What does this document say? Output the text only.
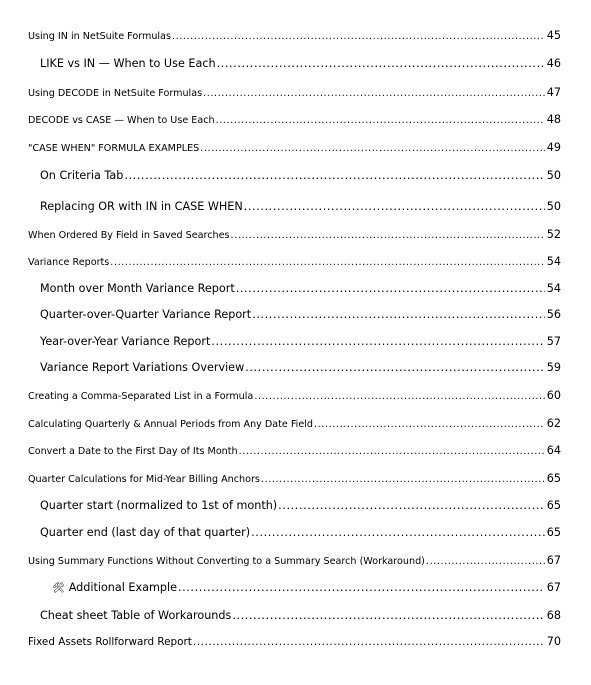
Using IN in NetSuite Formulas .....	45
LIKE vs IN — When to Use Each .....	46
Using DECODE in NetSuite Formulas .....	47
DECODE vs CASE — When to Use Each .....	48
"CASE WHEN" FORMULA EXAMPLES .....	49
On Criteria Tab .....	50
Replacing OR with IN in CASE WHEN .....	50
When Ordered By Field in Saved Searches .....	52
Variance Reports .....	54
Month over Month Variance Report .....	54
Quarter-over-Quarter Variance Report .....	56
Year-over-Year Variance Report .....	57
Variance Report Variations Overview .....	59
Creating a Comma-Separated List in a Formula .....	60
Calculating Quarterly & Annual Periods from Any Date Field .....	62
Convert a Date to the First Day of Its Month .....	64
Quarter Calculations for Mid-Year Billing Anchors .....	65
Quarter start (normalized to 1st of month) .....	65
Quarter end (last day of that quarter) .....	65
Using Summary Functions Without Converting to a Summary Search (Workaround) .....	67
🛠 Additional Example .....	67
Cheat sheet Table of Workarounds .....	68
Fixed Assets Rollforward Report .....	70
